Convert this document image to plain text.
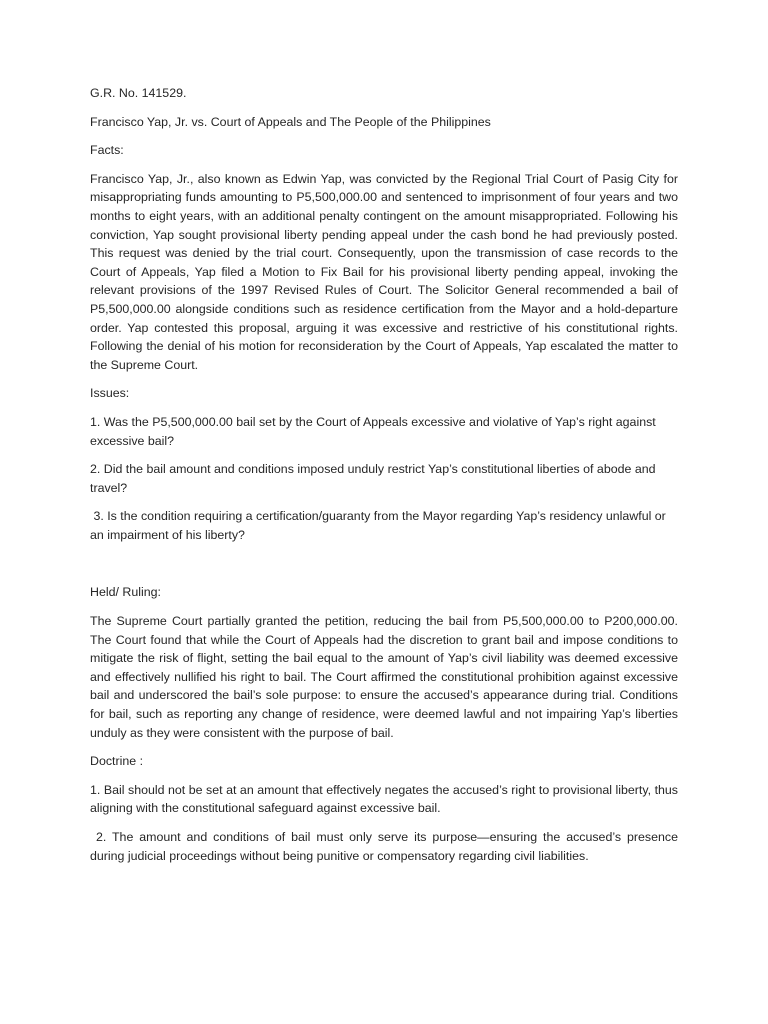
G.R. No. 141529.

Francisco Yap, Jr. vs. Court of Appeals and The People of the Philippines

Facts:

Francisco Yap, Jr., also known as Edwin Yap, was convicted by the Regional Trial Court of Pasig City for misappropriating funds amounting to P5,500,000.00 and sentenced to imprisonment of four years and two months to eight years, with an additional penalty contingent on the amount misappropriated. Following his conviction, Yap sought provisional liberty pending appeal under the cash bond he had previously posted. This request was denied by the trial court. Consequently, upon the transmission of case records to the Court of Appeals, Yap filed a Motion to Fix Bail for his provisional liberty pending appeal, invoking the relevant provisions of the 1997 Revised Rules of Court. The Solicitor General recommended a bail of P5,500,000.00 alongside conditions such as residence certification from the Mayor and a hold-departure order. Yap contested this proposal, arguing it was excessive and restrictive of his constitutional rights. Following the denial of his motion for reconsideration by the Court of Appeals, Yap escalated the matter to the Supreme Court.

Issues:

1. Was the P5,500,000.00 bail set by the Court of Appeals excessive and violative of Yap’s right against excessive bail?

2. Did the bail amount and conditions imposed unduly restrict Yap’s constitutional liberties of abode and travel?

3. Is the condition requiring a certification/guaranty from the Mayor regarding Yap’s residency unlawful or an impairment of his liberty?

Held/ Ruling:

The Supreme Court partially granted the petition, reducing the bail from P5,500,000.00 to P200,000.00. The Court found that while the Court of Appeals had the discretion to grant bail and impose conditions to mitigate the risk of flight, setting the bail equal to the amount of Yap’s civil liability was deemed excessive and effectively nullified his right to bail. The Court affirmed the constitutional prohibition against excessive bail and underscored the bail’s sole purpose: to ensure the accused’s appearance during trial. Conditions for bail, such as reporting any change of residence, were deemed lawful and not impairing Yap’s liberties unduly as they were consistent with the purpose of bail.

Doctrine :

1. Bail should not be set at an amount that effectively negates the accused’s right to provisional liberty, thus aligning with the constitutional safeguard against excessive bail.

2. The amount and conditions of bail must only serve its purpose—ensuring the accused’s presence during judicial proceedings without being punitive or compensatory regarding civil liabilities.
